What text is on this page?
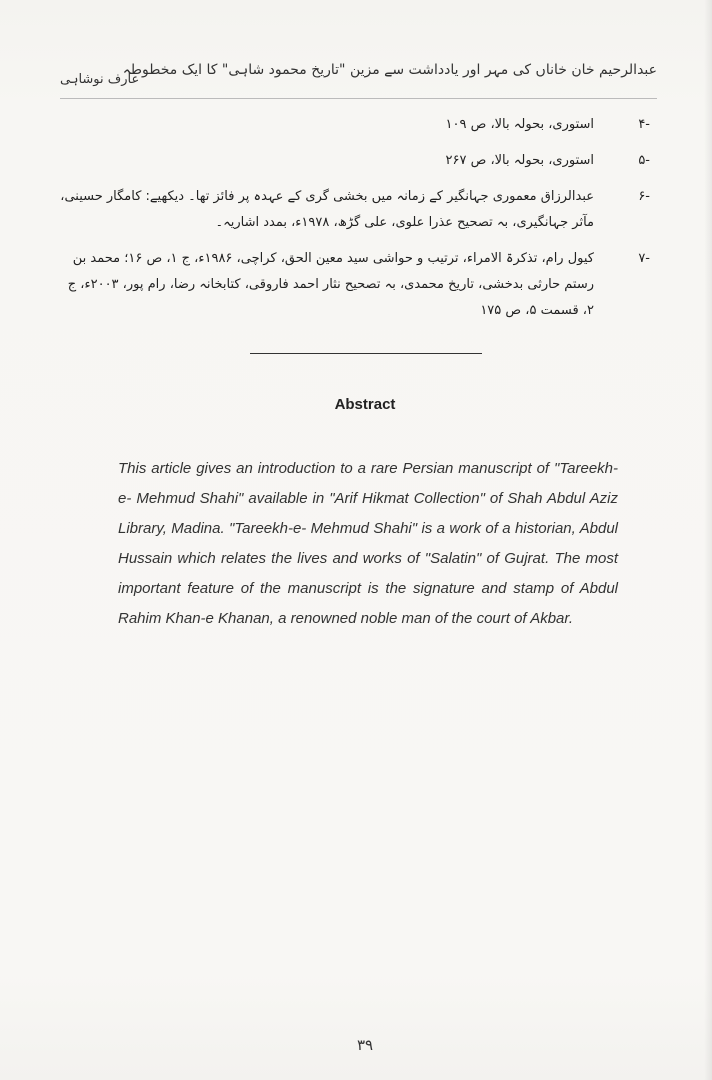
عبدالرحیم خان خاناں کی مہر اور یادداشت سے مزین "تاریخ محمود شاہی" کا ایک مخطوطہ
عارف نوشاہی
-۴
استوری، بحولہ بالا، ص ۱۰۹
-۵
استوری، بحولہ بالا، ص ۲۶۷
-۶
عبدالرزاق معموری جہانگیر کے زمانہ میں بخشی گری کے عہدہ پر فائز تھا۔ دیکھیے: کامگار حسینی، مآثر جہانگیری، بہ تصحیح عذرا علوی، علی گڑھ، ۱۹۷۸ء، بمدد اشاریہ۔
-۷
کیول رام، تذکرۃ الامراء، ترتیب و حواشی سید معین الحق، کراچی، ۱۹۸۶ء، ج ۱، ص ۱۶؛ محمد بن رستم حارثی بدخشی، تاریخ محمدی، بہ تصحیح نثار احمد فاروقی، کتابخانہ رضا، رام پور، ۲۰۰۳ء، ج ۲، قسمت ۵، ص ۱۷۵
Abstract
This article gives an introduction to a rare Persian manuscript of "Tareekh-e- Mehmud Shahi" available in "Arif Hikmat Collection" of Shah Abdul Aziz Library, Madina. "Tareekh-e- Mehmud Shahi" is a work of a historian, Abdul Hussain which relates the lives and works of "Salatin" of Gujrat. The most important feature of the manuscript is the signature and stamp of Abdul Rahim Khan-e Khanan, a renowned noble man of the court of Akbar.
۳۹
